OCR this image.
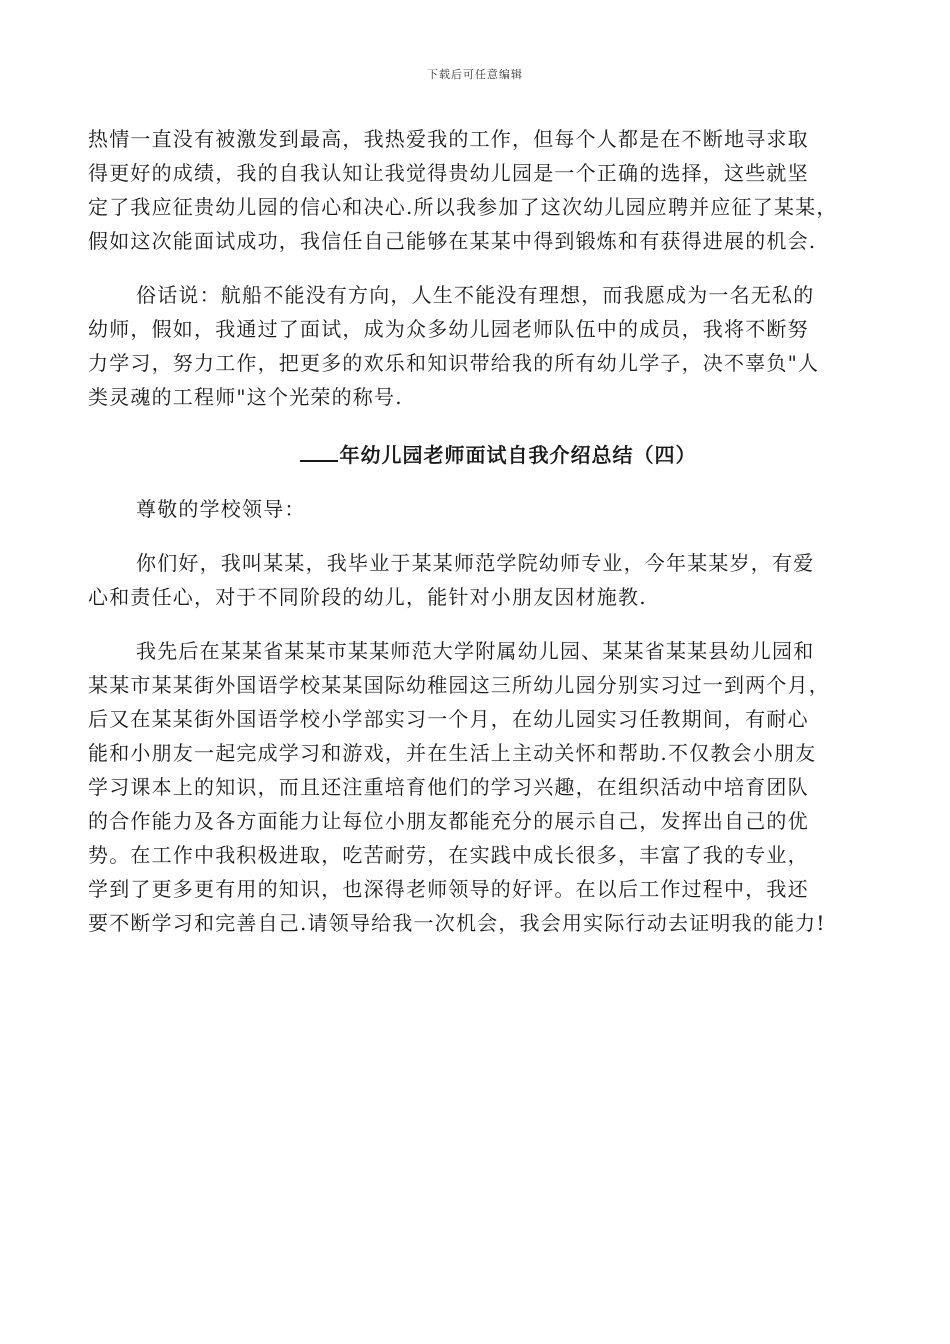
下载后可任意编辑
热情一直没有被激发到最高，我热爱我的工作，但每个人都是在不断地寻求取
得更好的成绩，我的自我认知让我觉得贵幼儿园是一个正确的选择，这些就坚
定了我应征贵幼儿园的信心和决心.所以我参加了这次幼儿园应聘并应征了某某，
假如这次能面试成功，我信任自己能够在某某中得到锻炼和有获得进展的机会.
俗话说：航船不能没有方向，人生不能没有理想，而我愿成为一名无私的
幼师，假如，我通过了面试，成为众多幼儿园老师队伍中的成员，我将不断努
力学习，努力工作，把更多的欢乐和知识带给我的所有幼儿学子，决不辜负"人
类灵魂的工程师"这个光荣的称号.
年幼儿园老师面试自我介绍总结（四）
尊敬的学校领导：
你们好，我叫某某，我毕业于某某师范学院幼师专业，今年某某岁，有爱
心和责任心，对于不同阶段的幼儿，能针对小朋友因材施教.
我先后在某某省某某市某某师范大学附属幼儿园、某某省某某县幼儿园和
某某市某某街外国语学校某某国际幼稚园这三所幼儿园分别实习过一到两个月，
后又在某某街外国语学校小学部实习一个月，在幼儿园实习任教期间，有耐心
能和小朋友一起完成学习和游戏，并在生活上主动关怀和帮助.不仅教会小朋友
学习课本上的知识，而且还注重培育他们的学习兴趣，在组织活动中培育团队
的合作能力及各方面能力让每位小朋友都能充分的展示自己，发挥出自己的优
势。在工作中我积极进取，吃苦耐劳，在实践中成长很多，丰富了我的专业，
学到了更多更有用的知识，也深得老师领导的好评。在以后工作过程中，我还
要不断学习和完善自己.请领导给我一次机会，我会用实际行动去证明我的能力!
